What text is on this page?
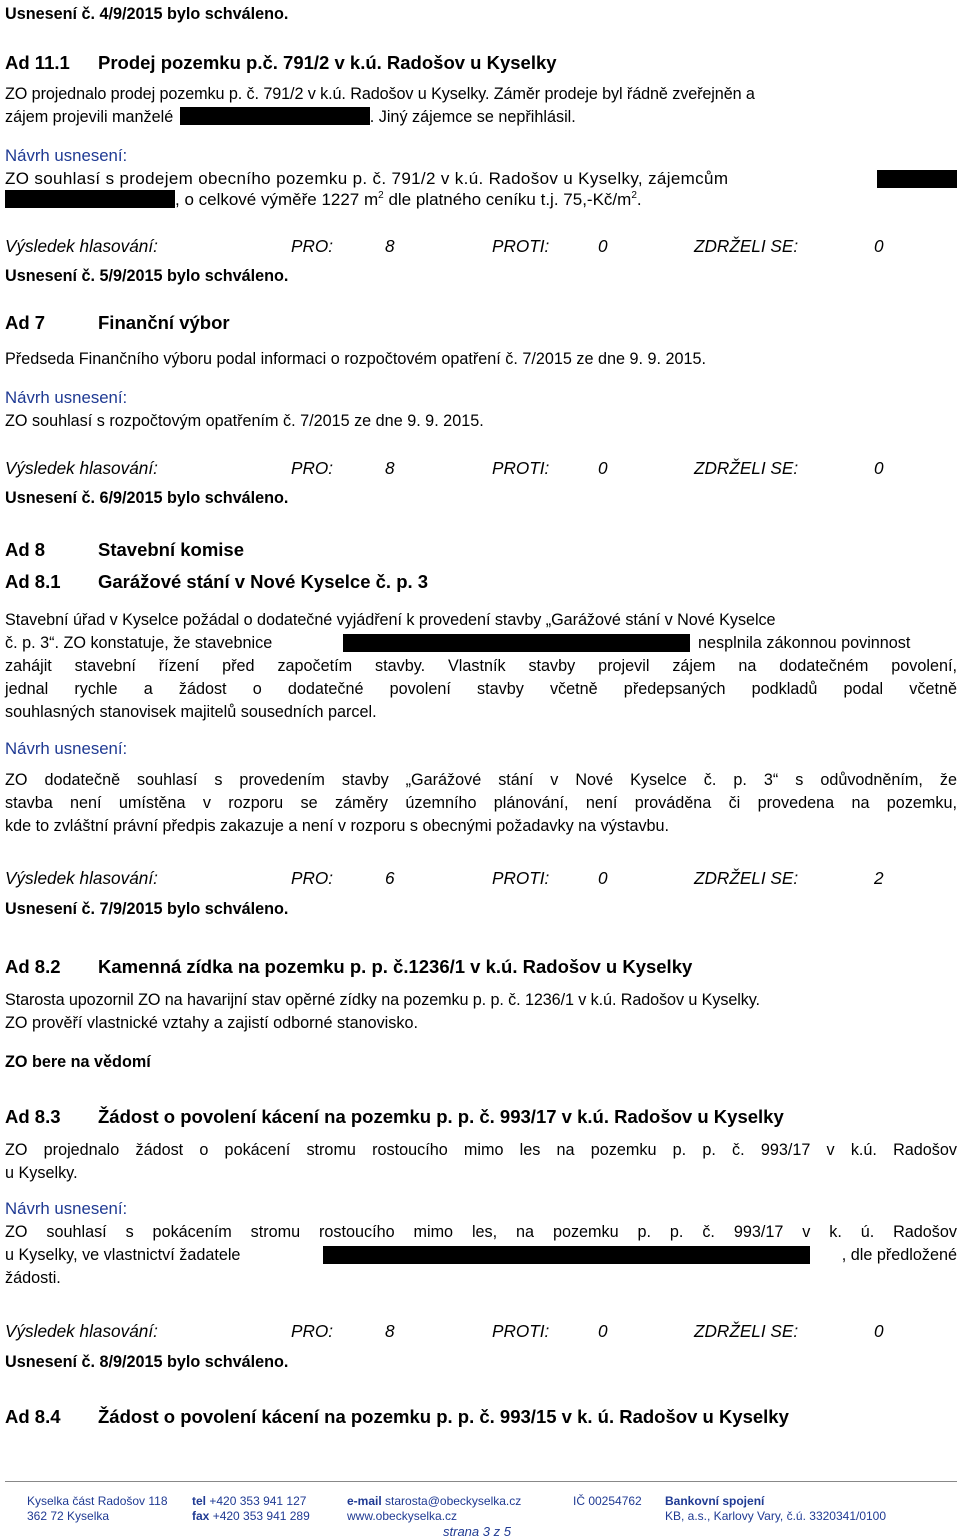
Usnesení č. 4/9/2015 bylo schváleno.
Ad 11.1 Prodej pozemku p.č. 791/2 v k.ú. Radošov u Kyselky
ZO projednalo prodej pozemku p. č. 791/2 v k.ú. Radošov u Kyselky. Záměr prodeje byl řádně zveřejněn a
zájem projevili manželé	. Jiný zájemce se nepřihlásil.
Návrh usnesení:
ZO souhlasí s prodejem obecního pozemku p. č. 791/2 v k.ú. Radošov u Kyselky, zájemcům
, o celkové výměře 1227 $m^2$ dle platného ceníku t.j. $75,-Kč/m^2$.
Výsledek hlasování:	PRO:	8	PROTI:	0	ZDRŽELI SE:	0
Usnesení č. 5/9/2015 bylo schváleno.
Ad 7	Finanční výbor
Předseda Finančního výboru podal informaci o rozpočtovém opatření č. 7/2015 ze dne 9. 9. 2015.
Návrh usnesení:
ZO souhlasí s rozpočtovým opatřením č. 7/2015 ze dne 9. 9. 2015.
Výsledek hlasování:	PRO:	8	PROTI:	0	ZDRŽELI SE:	0
Usnesení č. 6/9/2015 bylo schváleno.
Ad 8	Stavební komise
Ad 8.1 Garážové stání v Nové Kyselce č. p. 3
Stavební úřad v Kyselce požádal o dodatečné vyjádření k provedení stavby „Garážové stání v Nové Kyselce
č. p. 3“. ZO konstatuje, že stavebnice	nesplnila zákonnou povinnost
zahájit stavební řízení před započetím stavby. Vlastník stavby projevil zájem na dodatečném povolení,
jednal rychle a žádost o dodatečné povolení stavby včetně předepsaných podkladů podal včetně
souhlasných stanovisek majitelů sousedních parcel.
Návrh usnesení:
ZO dodatečně souhlasí s provedením stavby „Garážové stání v Nové Kyselce č. p. 3“ s odůvodněním, že
stavba není umístěna v rozporu se záměry územního plánování, není prováděna či provedena na pozemku,
kde to zvláštní právní předpis zakazuje a není v rozporu s obecnými požadavky na výstavbu.
Výsledek hlasování:	PRO:	6	PROTI:	0	ZDRŽELI SE:	2
Usnesení č. 7/9/2015 bylo schváleno.
Ad 8.2 Kamenná zídka na pozemku p. p. č.1236/1 v k.ú. Radošov u Kyselky
Starosta upozornil ZO na havarijní stav opěrné zídky na pozemku p. p. č. 1236/1 v k.ú. Radošov u Kyselky.
ZO prověří vlastnické vztahy a zajistí odborné stanovisko.
ZO bere na vědomí
Ad 8.3 Žádost o povolení kácení na pozemku p. p. č. 993/17 v k.ú. Radošov u Kyselky
ZO projednalo žádost o pokácení stromu rostoucího mimo les na pozemku p. p. č. 993/17 v k.ú. Radošov
u Kyselky.
Návrh usnesení:
ZO souhlasí s pokácením stromu rostoucího mimo les, na pozemku p. p. č. 993/17 v k. ú. Radošov
u Kyselky, ve vlastnictví žadatele	, dle předložené
žádosti.
Výsledek hlasování:	PRO:	8	PROTI:	0	ZDRŽELI SE:	0
Usnesení č. 8/9/2015 bylo schváleno.
Ad 8.4 Žádost o povolení kácení na pozemku p. p. č. 993/15 v k. ú. Radošov u Kyselky
Kyselka část Radošov 118
362 72 Kyselka
tel +420 353 941 127
fax +420 353 941 289
e-mail starosta@obeckyselka.cz
www.obeckyselka.cz
IČ 00254762 Bankovní spojení
KB, a.s., Karlovy Vary, č.ú. 3320341/0100
strana 3 z 5
